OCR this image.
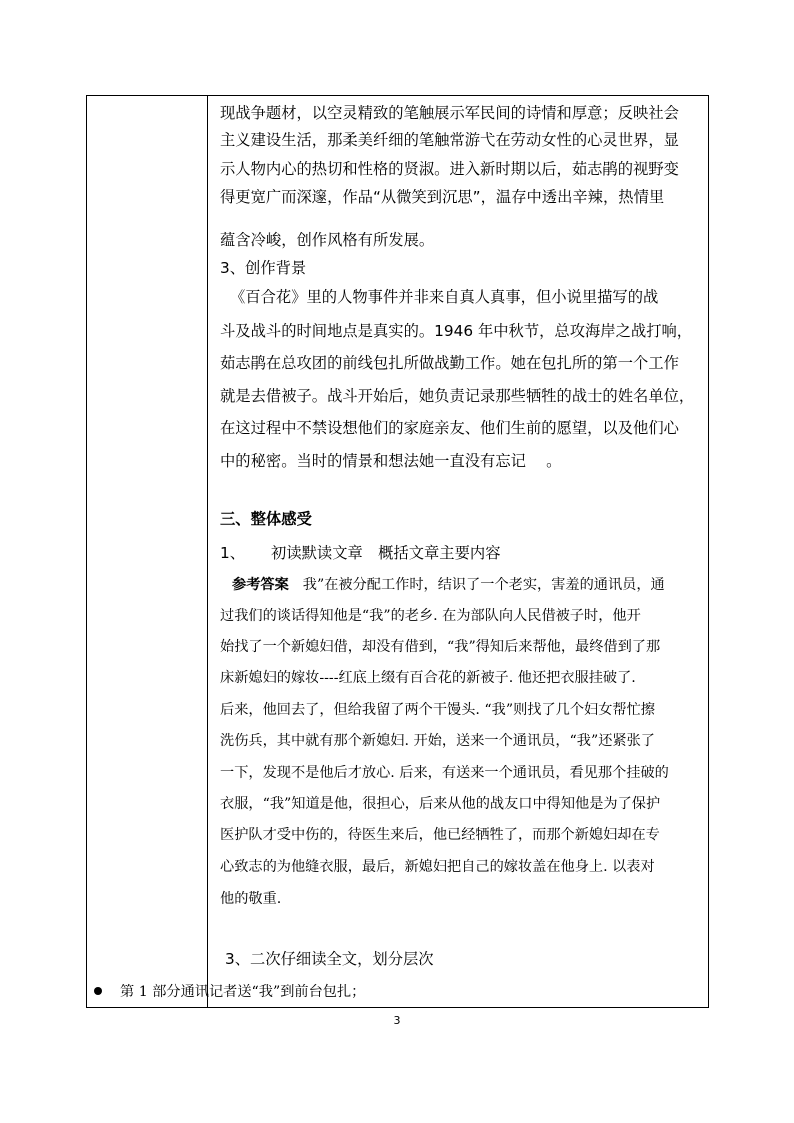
现战争题材，以空灵精致的笔触展示军民间的诗情和厚意；反映社会
主义建设生活，那柔美纤细的笔触常游弋在劳动女性的心灵世界，显
示人物内心的热切和性格的贤淑。进入新时期以后，茹志鹃的视野变
得更宽广而深邃，作品“从微笑到沉思”，温存中透出辛辣，热情里
蕴含冷峻，创作风格有所发展。
3、创作背景
《百合花》里的人物事件并非来自真人真事，但小说里描写的战
斗及战斗的时间地点是真实的。1946 年中秋节，总攻海岸之战打响，
茹志鹃在总攻团的前线包扎所做战勤工作。她在包扎所的第一个工作
就是去借被子。战斗开始后，她负责记录那些牺牲的战士的姓名单位，
在这过程中不禁设想他们的家庭亲友、他们生前的愿望，以及他们心
中的秘密。当时的情景和想法她一直没有忘记　 。
三、整体感受
1、 初读默读文章　概括文章主要内容
参考答案 我”在被分配工作时，结识了一个老实，害羞的通讯员，通
过我们的谈话得知他是“我”的老乡. 在为部队向人民借被子时，他开
始找了一个新媳妇借，却没有借到，“我”得知后来帮他，最终借到了那
床新媳妇的嫁妆----红底上缀有百合花的新被子. 他还把衣服挂破了.
后来，他回去了，但给我留了两个干馒头. “我”则找了几个妇女帮忙擦
洗伤兵，其中就有那个新媳妇. 开始，送来一个通讯员，“我”还紧张了
一下，发现不是他后才放心. 后来，有送来一个通讯员，看见那个挂破的
衣服，“我”知道是他，很担心，后来从他的战友口中得知他是为了保护
医护队才受中伤的，待医生来后，他已经牺牲了，而那个新媳妇却在专
心致志的为他缝衣服，最后，新媳妇把自己的嫁妆盖在他身上. 以表对
他的敬重.
3、二次仔细读全文，划分层次
第 1 部分通讯记者送“我”到前台包扎；
3
